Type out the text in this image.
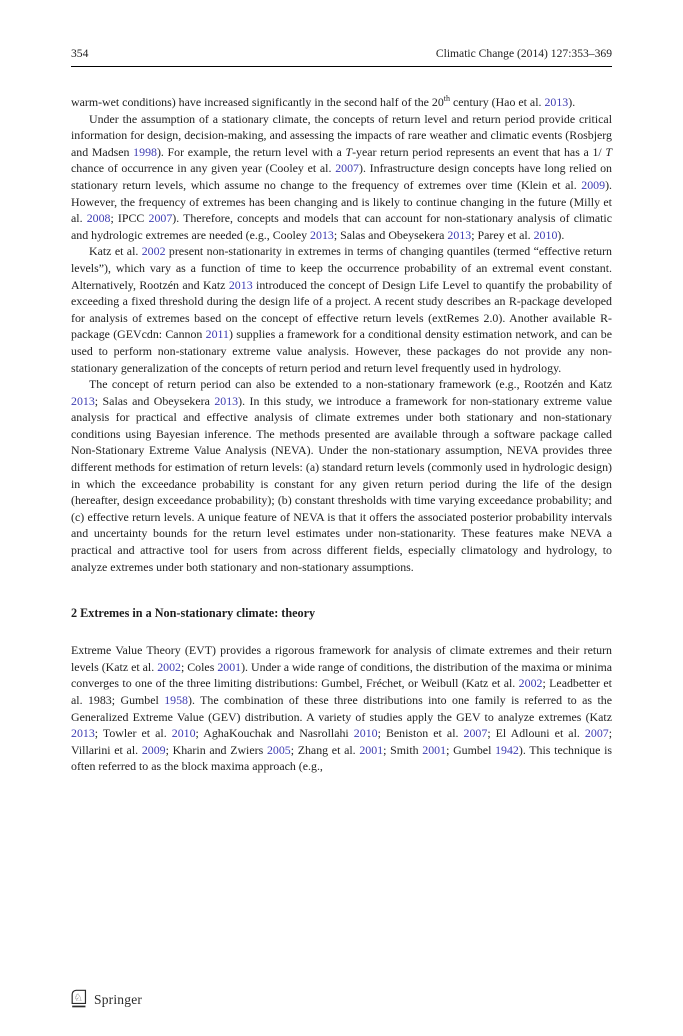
354	Climatic Change (2014) 127:353–369

warm-wet conditions) have increased significantly in the second half of the 20th century (Hao et al. 2013).

Under the assumption of a stationary climate, the concepts of return level and return period provide critical information for design, decision-making, and assessing the impacts of rare weather and climatic events (Rosbjerg and Madsen 1998). For example, the return level with a T-year return period represents an event that has a 1/ T chance of occurrence in any given year (Cooley et al. 2007). Infrastructure design concepts have long relied on stationary return levels, which assume no change to the frequency of extremes over time (Klein et al. 2009). However, the frequency of extremes has been changing and is likely to continue changing in the future (Milly et al. 2008; IPCC 2007). Therefore, concepts and models that can account for non-stationary analysis of climatic and hydrologic extremes are needed (e.g., Cooley 2013; Salas and Obeysekera 2013; Parey et al. 2010).

Katz et al. 2002 present non-stationarity in extremes in terms of changing quantiles (termed “effective return levels”), which vary as a function of time to keep the occurrence probability of an extremal event constant. Alternatively, Rootzén and Katz 2013 introduced the concept of Design Life Level to quantify the probability of exceeding a fixed threshold during the design life of a project. A recent study describes an R-package developed for analysis of extremes based on the concept of effective return levels (extRemes 2.0). Another available R-package (GEVcdn: Cannon 2011) supplies a framework for a conditional density estimation network, and can be used to perform non-stationary extreme value analysis. However, these packages do not provide any non-stationary generalization of the concepts of return period and return level frequently used in hydrology.

The concept of return period can also be extended to a non-stationary framework (e.g., Rootzén and Katz 2013; Salas and Obeysekera 2013). In this study, we introduce a framework for non-stationary extreme value analysis for practical and effective analysis of climate extremes under both stationary and non-stationary conditions using Bayesian inference. The methods presented are available through a software package called Non-Stationary Extreme Value Analysis (NEVA). Under the non-stationary assumption, NEVA provides three different methods for estimation of return levels: (a) standard return levels (commonly used in hydrologic design) in which the exceedance probability is constant for any given return period during the life of the design (hereafter, design exceedance probability); (b) constant thresholds with time varying exceedance probability; and (c) effective return levels. A unique feature of NEVA is that it offers the associated posterior probability intervals and uncertainty bounds for the return level estimates under non-stationarity. These features make NEVA a practical and attractive tool for users from across different fields, especially climatology and hydrology, to analyze extremes under both stationary and non-stationary assumptions.

2 Extremes in a Non-stationary climate: theory

Extreme Value Theory (EVT) provides a rigorous framework for analysis of climate extremes and their return levels (Katz et al. 2002; Coles 2001). Under a wide range of conditions, the distribution of the maxima or minima converges to one of the three limiting distributions: Gumbel, Fréchet, or Weibull (Katz et al. 2002; Leadbetter et al. 1983; Gumbel 1958). The combination of these three distributions into one family is referred to as the Generalized Extreme Value (GEV) distribution. A variety of studies apply the GEV to analyze extremes (Katz 2013; Towler et al. 2010; AghaKouchak and Nasrollahi 2010; Beniston et al. 2007; El Adlouni et al. 2007; Villarini et al. 2009; Kharin and Zwiers 2005; Zhang et al. 2001; Smith 2001; Gumbel 1942). This technique is often referred to as the block maxima approach (e.g.,

♘ Springer
